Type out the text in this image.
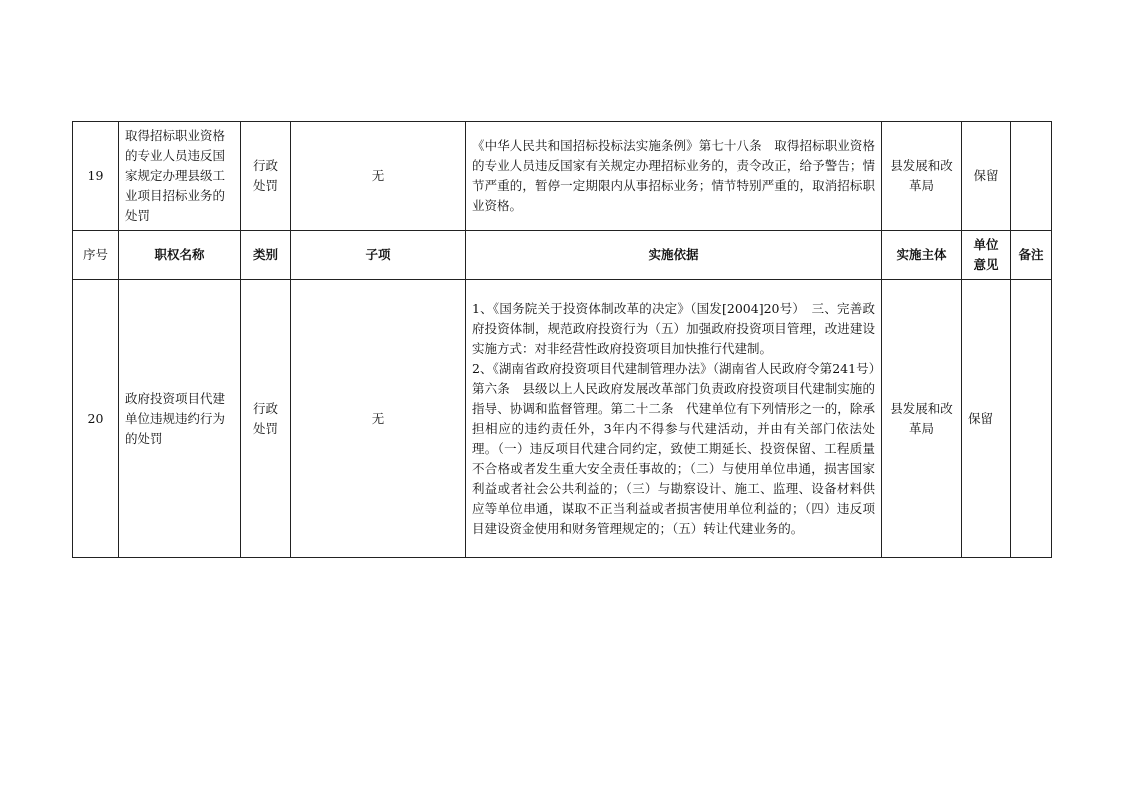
19	取得招标职业资格的专业人员违反国家规定办理县级工业项目招标业务的处罚	行政处罚	无	《中华人民共和国招标投标法实施条例》第七十八条　取得招标职业资格的专业人员违反国家有关规定办理招标业务的，责令改正，给予警告；情节严重的，暂停一定期限内从事招标业务；情节特别严重的，取消招标职业资格。	县发展和改革局	保留	
序号	职权名称	类别	子项	实施依据	实施主体	单位意见	备注
20	政府投资项目代建单位违规违约行为的处罚	行政处罚	无	1、《国务院关于投资体制改革的决定》（国发[2004]20号）　三、完善政府投资体制，规范政府投资行为（五）加强政府投资项目管理，改进建设实施方式：对非经营性政府投资项目加快推行代建制。
2、《湖南省政府投资项目代建制管理办法》（湖南省人民政府令第241号）第六条　县级以上人民政府发展改革部门负责政府投资项目代建制实施的指导、协调和监督管理。第二十二条　代建单位有下列情形之一的，除承担相应的违约责任外，3年内不得参与代建活动，并由有关部门依法处理。（一）违反项目代建合同约定，致使工期延长、投资保留、工程质量不合格或者发生重大安全责任事故的；（二）与使用单位串通，损害国家利益或者社会公共利益的；（三）与勘察设计、施工、监理、设备材料供应等单位串通，谋取不正当利益或者损害使用单位利益的；（四）违反项目建设资金使用和财务管理规定的；（五）转让代建业务的。	县发展和改革局	保留	
